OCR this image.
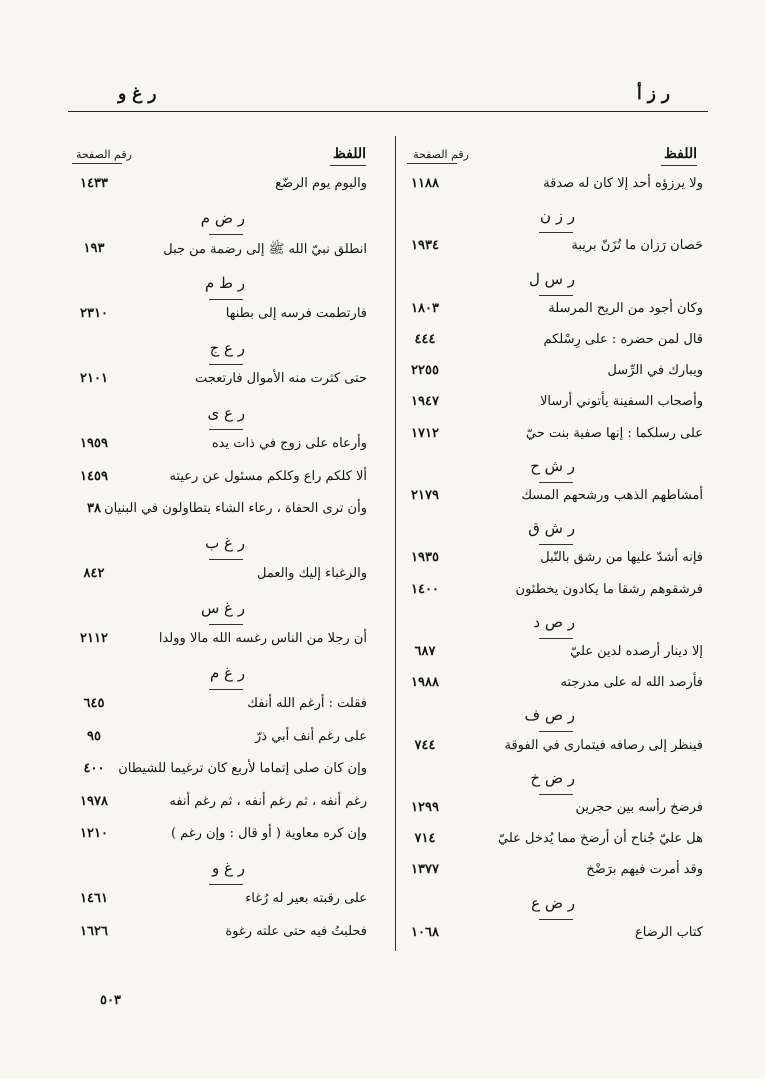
ر ز أ
ر غ و
اللفظ
رقم الصفحة
اللفظ
رقم الصفحة
ولا يرزؤه أحد إلا كان له صدقة
١١٨٨
ر ز ن
حَصان رَزان ما تُزَنّ بريبة
١٩٣٤
ر س ل
وكان أجود من الريح المرسلة
١٨٠٣
قال لمن حضره : على رِسْلكم
٤٤٤
ويبارك في الرِّسل
٢٢٥٥
وأصحاب السفينة يأتوني أرسالا
١٩٤٧
على رسلكما : إنها صفية بنت حيّ
١٧١٢
ر ش ح
أمشاطهم الذهب ورشحهم المسك
٢١٧٩
ر ش ق
فإنه أشدّ عليها من رشق بالنّبل
١٩٣٥
فرشقوهم رشقا ما يكادون يخطئون
١٤٠٠
ر ص د
إلا دينار أرصده لدين عليّ
٦٨٧
فأرصد الله له على مدرجته
١٩٨٨
ر ص ف
فينظر إلى رصافه فيتمارى في الفوقة
٧٤٤
ر ض خ
فرضخ رأسه بين حجرين
١٢٩٩
هل عليّ جُناح أن أرضخ مما يُدخل عليّ
٧١٤
وقد أمرت فيهم برَضْخ
١٣٧٧
ر ض ع
كتاب الرضاع
١٠٦٨
واليوم يوم الرضّع
١٤٣٣
ر ض م
انطلق نبيّ الله ﷺ إلى رضمة من جبل
١٩٣
ر ط م
فارتطمت فرسه إلى بطنها
٢٣١٠
ر ع ج
حتى كثرت منه الأموال فارتعجت
٢١٠١
ر ع ى
وأرعاه على زوج في ذات يده
١٩٥٩
ألا كلكم راع وكلكم مسئول عن رعيته
١٤٥٩
وأن ترى الحفاة ، رعاء الشاء يتطاولون في البنيان
٣٨
ر غ ب
والرغباء إليك والعمل
٨٤٢
ر غ س
أن رجلا من الناس رغسه الله مالا وولدا
٢١١٢
ر غ م
فقلت : أرغم الله أنفك
٦٤٥
على رغم أنف أبي ذرّ
٩٥
وإن كان صلى إتماما لأربع كان ترغيما للشيطان
٤٠٠
رغم أنفه ، ثم رغم أنفه ، ثم رغم أنفه
١٩٧٨
وإن كره معاوية ( أو قال : وإن رغم )
١٢١٠
ر غ و
على رقبته بعير له رُغاء
١٤٦١
فحلبتُ فيه حتى علته رغوة
١٦٢٦
٥٠٣
